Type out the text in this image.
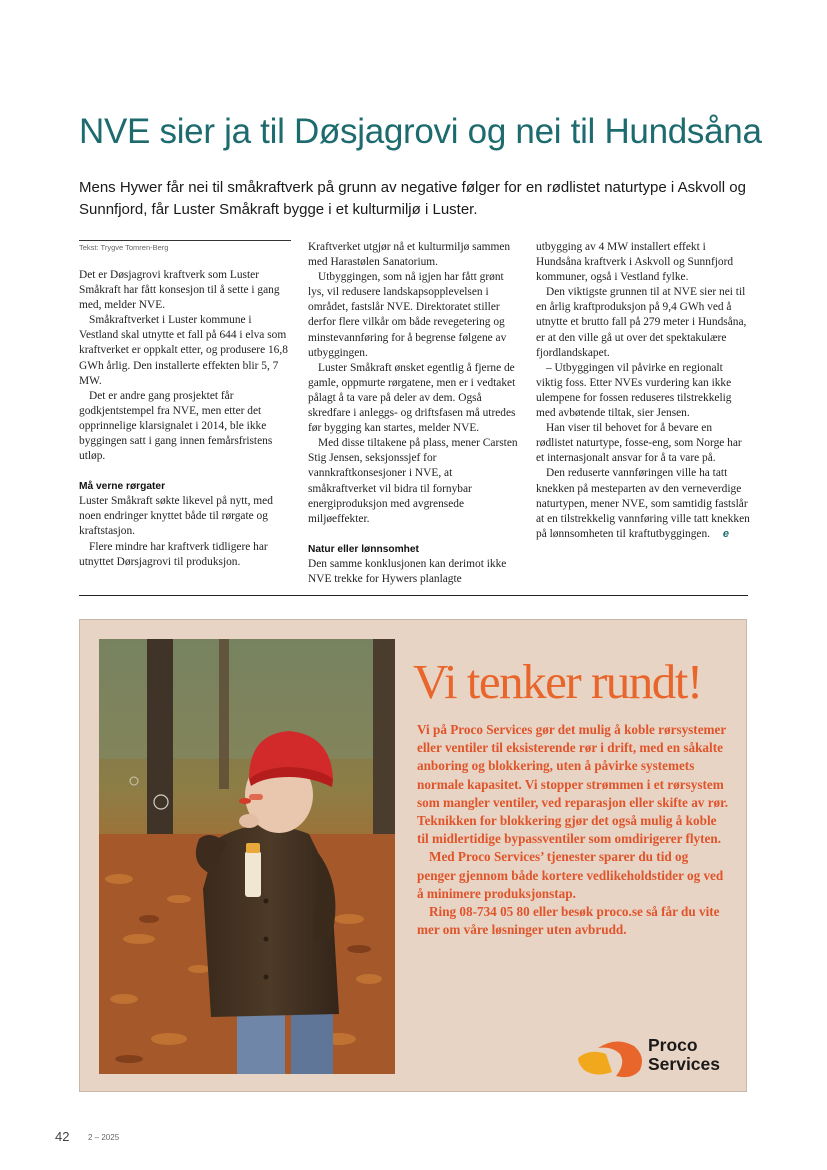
NVE sier ja til Døsjagrovi og nei til Hundsåna

Mens Hywer får nei til småkraftverk på grunn av negative følger for en rødlistet naturtype i Askvoll og Sunnfjord, får Luster Småkraft bygge i et kulturmiljø i Luster.

Tekst: Trygve Tomren-Berg

Det er Døsjagrovi kraftverk som Luster Småkraft har fått konsesjon til å sette i gang med, melder NVE.

Småkraftverket i Luster kommune i Vestland skal utnytte et fall på 644 i elva som kraftverket er oppkalt etter, og produsere 16,8 GWh årlig. Den installerte effekten blir 5, 7 MW.

Det er andre gang prosjektet får godkjentstempel fra NVE, men etter det opprinnelige klarsignalet i 2014, ble ikke byggingen satt i gang innen femårsfristens utløp.

Må verne rørgater

Luster Småkraft søkte likevel på nytt, med noen endringer knyttet både til rørgate og kraftstasjon.

Flere mindre har kraftverk tidligere har utnyttet Dørsjagrovi til produksjon.

Kraftverket utgjør nå et kulturmiljø sammen med Harastølen Sanatorium.

Utbyggingen, som nå igjen har fått grønt lys, vil redusere landskapsopplevelsen i området, fastslår NVE. Direktoratet stiller derfor flere vilkår om både revegetering og minstevannføring for å begrense følgene av utbyggingen.

Luster Småkraft ønsket egentlig å fjerne de gamle, oppmurte rørgatene, men er i vedtaket pålagt å ta vare på deler av dem. Også skredfare i anleggs- og driftsfasen må utredes før bygging kan startes, melder NVE.

Med disse tiltakene på plass, mener Carsten Stig Jensen, seksjonssjef for vannkraftkonsesjoner i NVE, at småkraftverket vil bidra til fornybar energiproduksjon med avgrensede miljøeffekter.

Natur eller lønnsomhet

Den samme konklusjonen kan derimot ikke NVE trekke for Hywers planlagte

utbygging av 4 MW installert effekt i Hundsåna kraftverk i Askvoll og Sunnfjord kommuner, også i Vestland fylke.

Den viktigste grunnen til at NVE sier nei til en årlig kraftproduksjon på 9,4 GWh ved å utnytte et brutto fall på 279 meter i Hundsåna, er at den ville gå ut over det spektakulære fjordlandskapet.

– Utbyggingen vil påvirke en regionalt viktig foss. Etter NVEs vurdering kan ikke ulempene for fossen reduseres tilstrekkelig med avbøtende tiltak, sier Jensen.

Han viser til behovet for å bevare en rødlistet naturtype, fosse-eng, som Norge har et internasjonalt ansvar for å ta vare på.

Den reduserte vannføringen ville ha tatt knekken på mesteparten av den verneverdige naturtypen, mener NVE, som samtidig fastslår at en tilstrekkelig vannføring ville tatt knekken på lønnsomheten til kraftutbyggingen. e

Vi tenker rundt!

Vi på Proco Services gør det mulig å koble rørsystemer eller ventiler til eksisterende rør i drift, med en såkalte anboring og blokkering, uten å påvirke systemets normale kapasitet. Vi stopper strømmen i et rørsystem som mangler ventiler, ved reparasjon eller skifte av rør. Teknikken for blokkering gjør det også mulig å koble til midlertidige bypassventiler som omdirigerer flyten.

Med Proco Services’ tjenester sparer du tid og penger gjennom både kortere vedlikeholdstider og ved å minimere produksjonstap.

Ring 08-734 05 80 eller besøk proco.se så får du vite mer om våre løsninger uten avbrudd.

Proco
Services
42 2 – 2025
